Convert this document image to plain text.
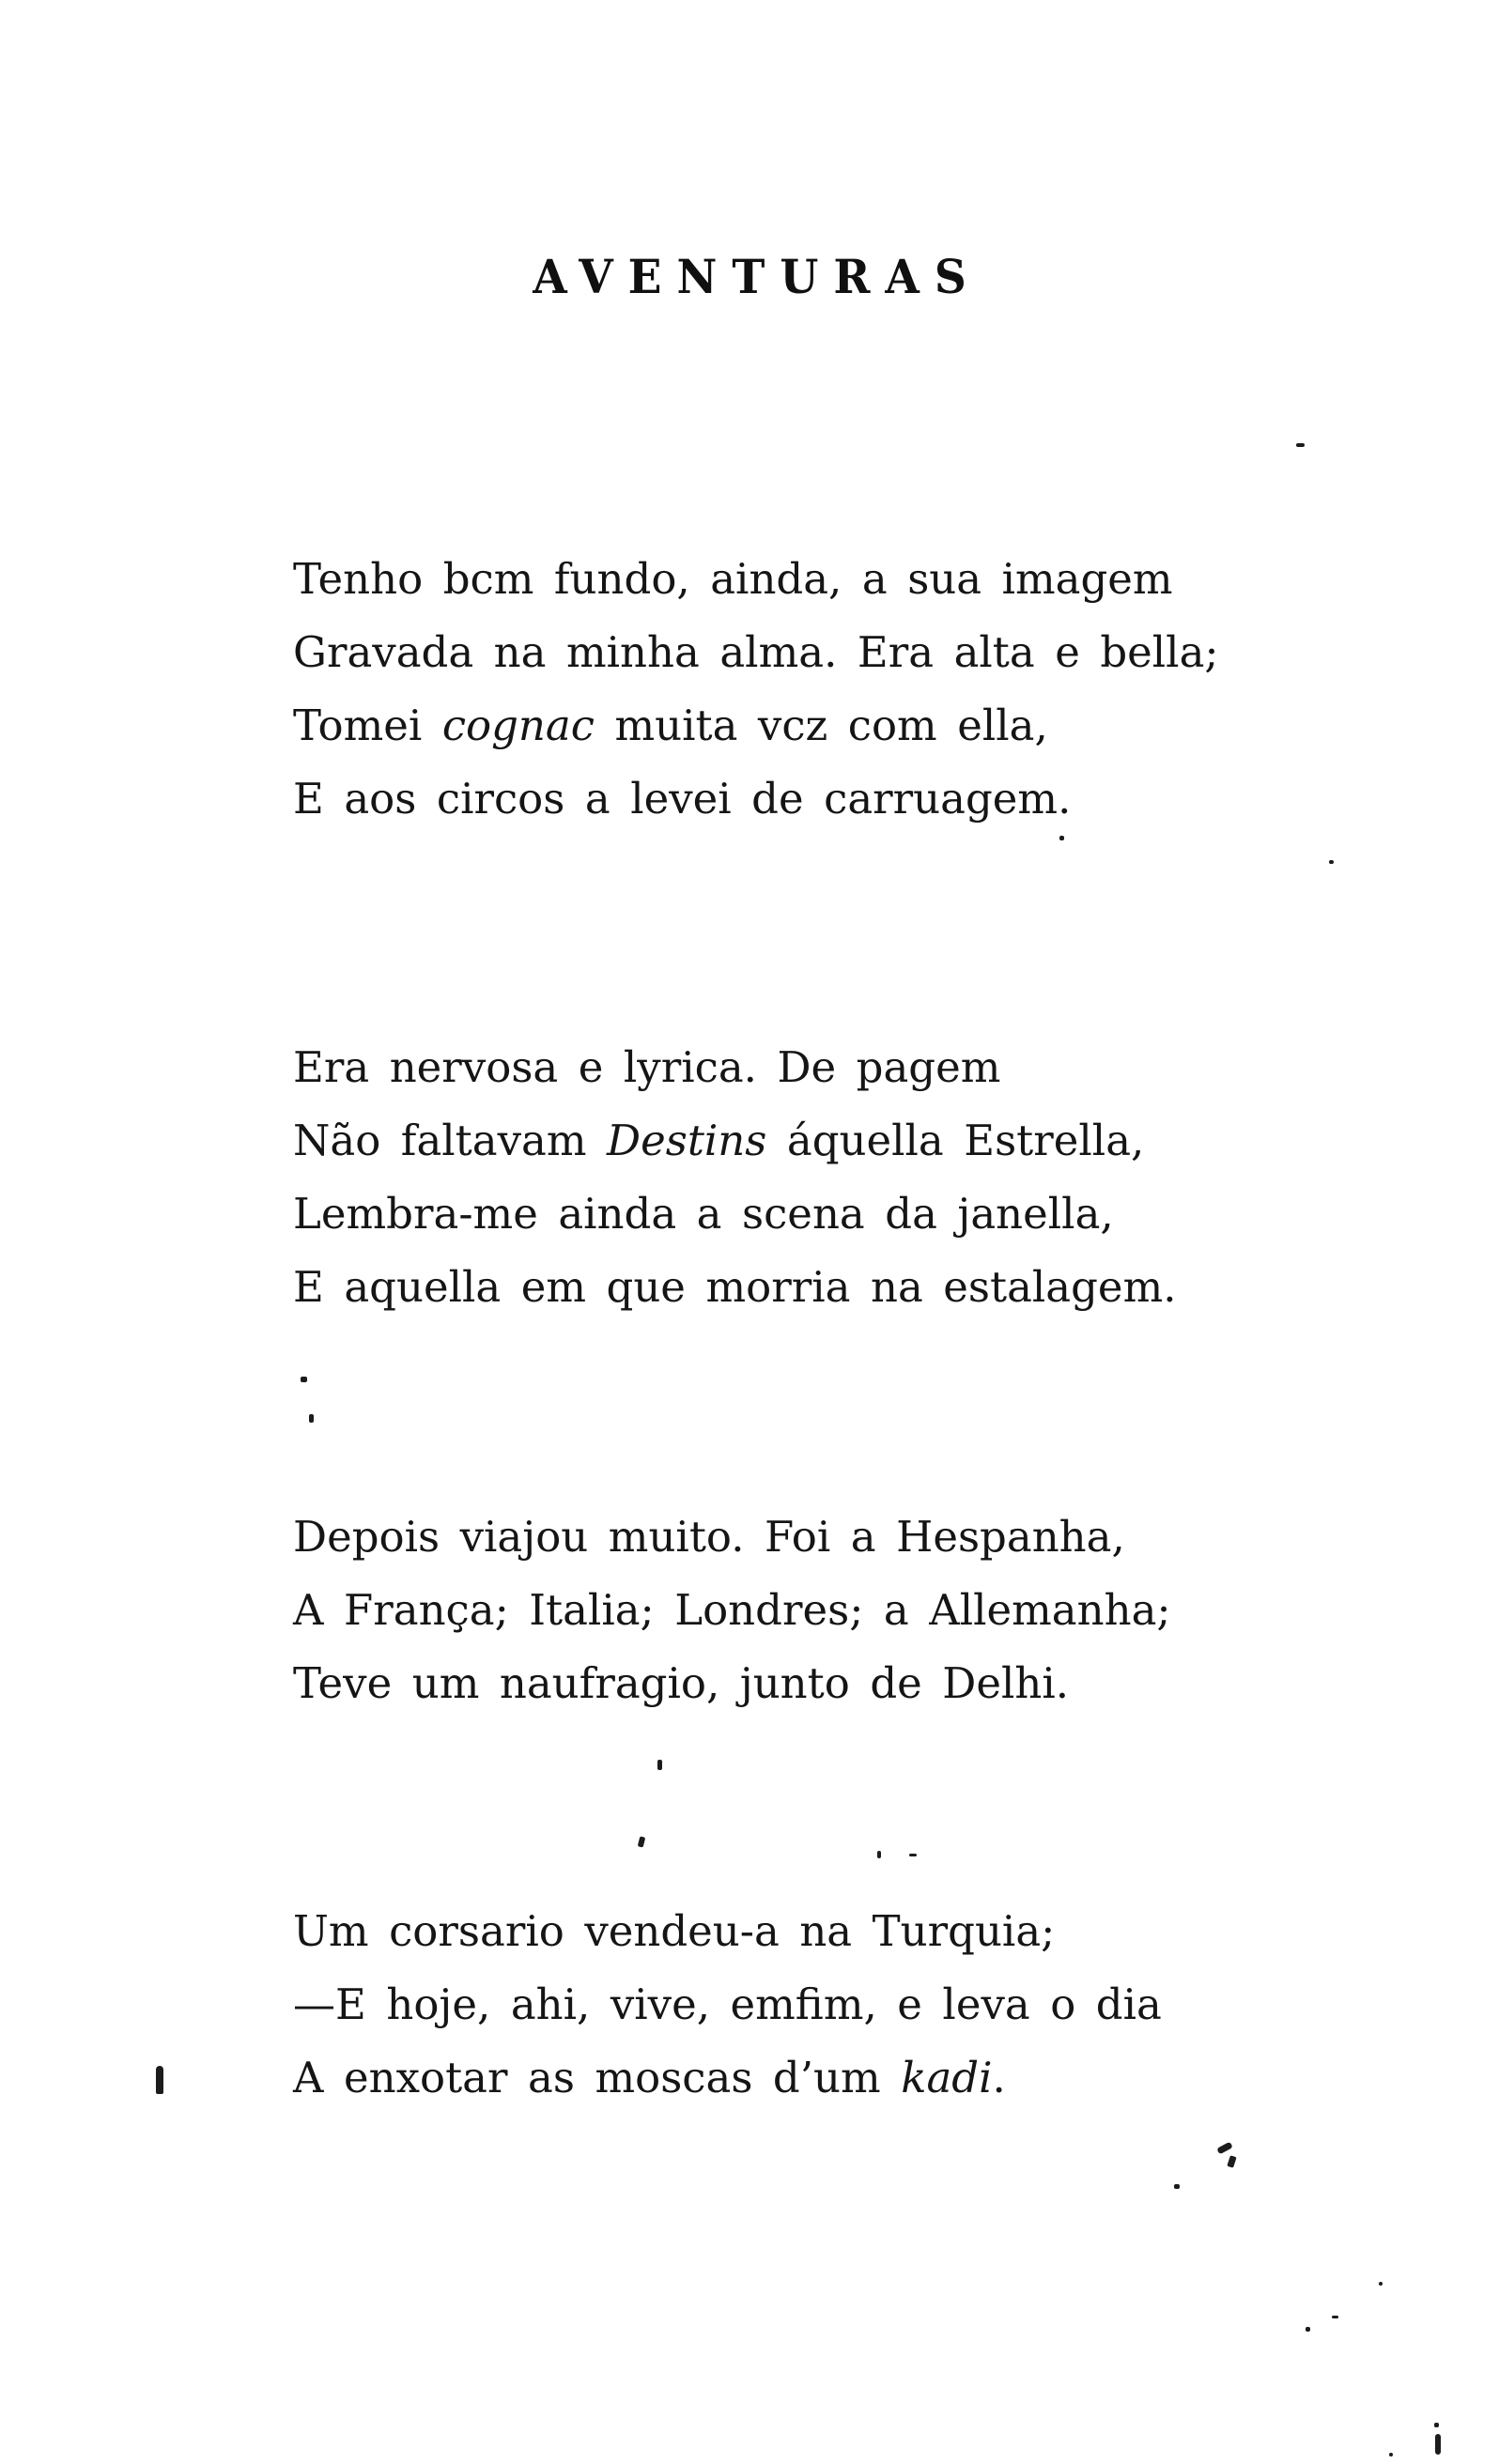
AVENTURAS
Tenho bcm fundo, ainda, a sua imagem
Gravada na minha alma. Era alta e bella;
Tomei cognac muita vcz com ella,
E aos circos a levei de carruagem.
Era nervosa e lyrica. De pagem
Não faltavam Destins áquella Estrella,
Lembra-me ainda a scena da janella,
E aquella em que morria na estalagem.
Depois viajou muito. Foi a Hespanha,
A França; Italia; Londres; a Allemanha;
Teve um naufragio, junto de Delhi.
Um corsario vendeu-a na Turquia;
—E hoje, ahi, vive, emfim, e leva o dia
A enxotar as moscas d’um kadi.
